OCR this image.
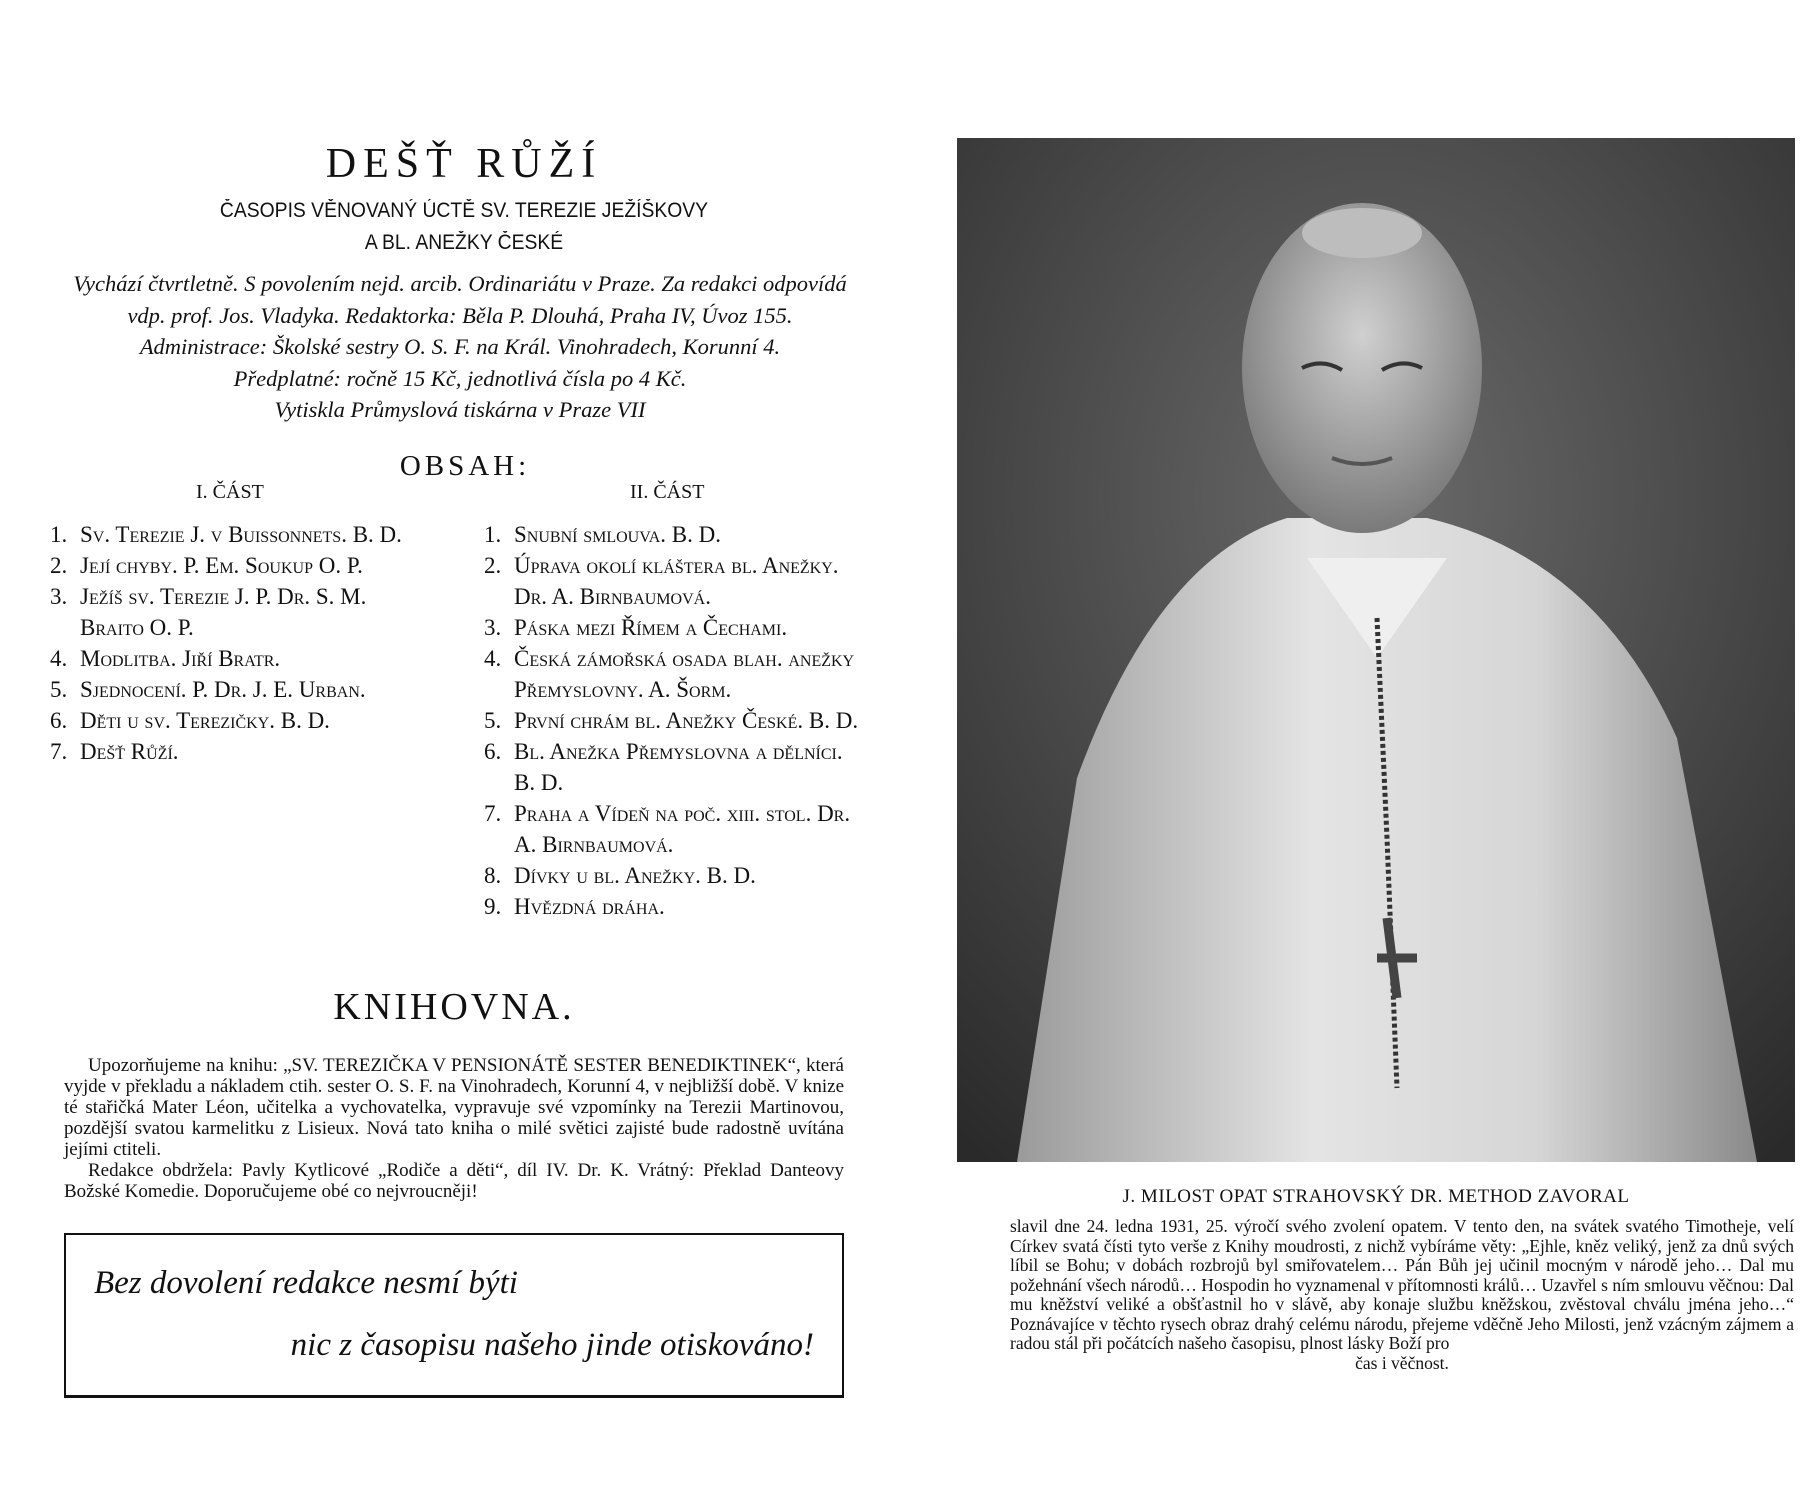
DEŠŤ RŮŽÍ
ČASOPIS VĚNOVANÝ ÚCTĚ SV. TEREZIE JEŽÍŠKOVY
A BL. ANEŽKY ČESKÉ
Vychází čtvrtletně. S povolením nejd. arcib. Ordinariátu v Praze. Za redakci odpovídá
vdp. prof. Jos. Vladyka. Redaktorka: Běla P. Dlouhá, Praha IV, Úvoz 155.
Administrace: Školské sestry O. S. F. na Král. Vinohradech, Korunní 4.
Předplatné: ročně 15 Kč, jednotlivá čísla po 4 Kč.
Vytiskla Průmyslová tiskárna v Praze VII
OBSAH:
I. ČÁST	II. ČÁST
1. Sv. Terezie J. v Buissonnets. B. D.
2. Její chyby. P. Em. Soukup O. P.
3. Ježíš sv. Terezie J. P. Dr. S. M. Braito O. P.
4. Modlitba. Jiří Bratr.
5. Sjednocení. P. Dr. J. E. Urban.
6. Děti u sv. Terezičky. B. D.
7. Dešť Růží.
1. Snubní smlouva. B. D.
2. Úprava okolí kláštera bl. Anežky. Dr. A. Birnbaumová.
3. Páska mezi Římem a Čechami.
4. Česká zámořská osada blah. anežky Přemyslovny. A. Šorm.
5. První chrám bl. Anežky České. B. D.
6. Bl. Anežka Přemyslovna a dělníci. B. D.
7. Praha a Vídeň na poč. xiii. stol. Dr. A. Birnbaumová.
8. Dívky u bl. Anežky. B. D.
9. Hvězdná dráha.
KNIHOVNA.

Upozorňujeme na knihu: „SV. TEREZIČKA V PENSIONÁTĚ SESTER BENEDIKTINEK“, která vyjde v překladu a nákladem ctih. sester O. S. F. na Vinohradech, Korunní 4, v nejbližší době. V knize té stařičká Mater Léon, učitelka a vychovatelka, vypravuje své vzpomínky na Terezii Martinovou, pozdější svatou karmelitku z Lisieux. Nová tato kniha o milé světici zajisté bude radostně uvítána jejími ctiteli.

Redakce obdržela: Pavly Kytlicové „Rodiče a děti“, díl IV. Dr. K. Vrátný: Překlad Danteovy Božské Komedie. Doporučujeme obé co nejvroucněji!

Bez dovolení redakce nesmí býti
nic z časopisu našeho jinde otiskováno!
J. MILOST OPAT STRAHOVSKÝ DR. METHOD ZAVORAL
slavil dne 24. ledna 1931, 25. výročí svého zvolení opatem. V tento den, na svátek svatého Timotheje, velí Církev svatá čísti tyto verše z Knihy moudrosti, z nichž vybíráme věty: „Ejhle, kněz veliký, jenž za dnů svých líbil se Bohu; v dobách rozbrojů byl smiřovatelem… Pán Bůh jej učinil mocným v národě jeho… Dal mu požehnání všech národů… Hospodin ho vyznamenal v přítomnosti králů… Uzavřel s ním smlouvu věčnou: Dal mu kněžství veliké a obšťastnil ho v slávě, aby konaje službu kněžskou, zvěstoval chválu jména jeho…“ Poznávajíce v těchto rysech obraz drahý celému národu, přejeme vděčně Jeho Milosti, jenž vzácným zájmem a radou stál při počátcích našeho časopisu, plnost lásky Boží pro
čas i věčnost.
